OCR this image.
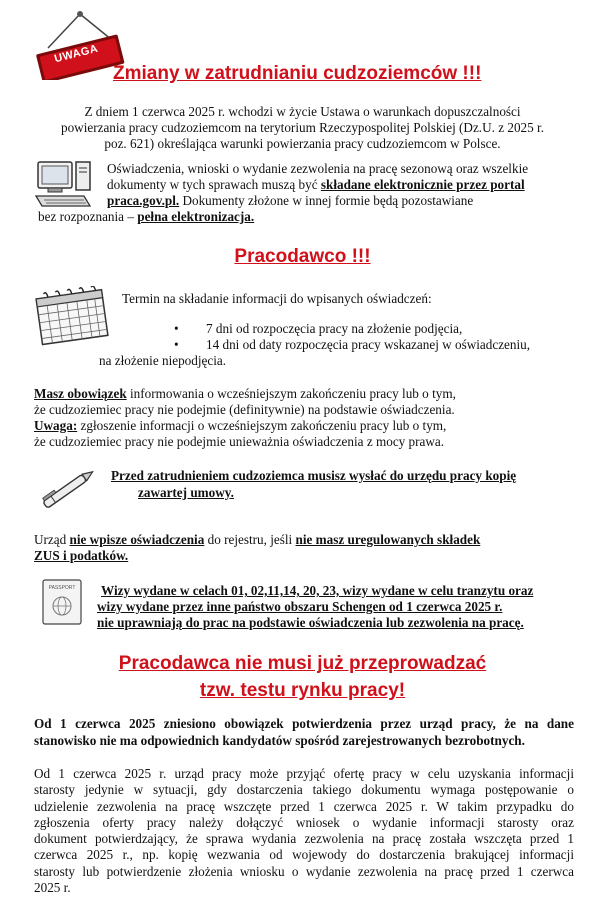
UWAGA
Zmiany w zatrudnianiu cudzoziemców !!!

Z dniem 1 czerwca 2025 r. wchodzi w życie Ustawa o warunkach dopuszczalności

powierzania pracy cudzoziemcom na terytorium Rzeczypospolitej Polskiej (Dz.U. z 2025 r.

poz. 621) określająca warunki powierzania pracy cudzoziemcom w Polsce.

Oświadczenia, wnioski o wydanie zezwolenia na pracę sezonową oraz wszelkie

dokumenty w tych sprawach muszą być składane elektronicznie przez portal

praca.gov.pl. Dokumenty złożone w innej formie będą pozostawiane

bez rozpoznania – pełna elektronizacja.

Pracodawco !!!
Termin na składanie informacji do wpisanych oświadczeń:
• 7 dni od rozpoczęcia pracy na złożenie podjęcia,
• 14 dni od daty rozpoczęcia pracy wskazanej w oświadczeniu,
na złożenie niepodjęcia.

Masz obowiązek informowania o wcześniejszym zakończeniu pracy lub o tym,

że cudzoziemiec pracy nie podejmie (definitywnie) na podstawie oświadczenia.

Uwaga: zgłoszenie informacji o wcześniejszym zakończeniu pracy lub o tym,

że cudzoziemiec pracy nie podejmie unieważnia oświadczenia z mocy prawa.

Przed zatrudnieniem cudzoziemca musisz wysłać do urzędu pracy kopię

zawartej umowy.

Urząd nie wpisze oświadczenia do rejestru, jeśli nie masz uregulowanych składek

ZUS i podatków.

PASSPORT	Wizy wydane w celach 01, 02,11,14, 20, 23, wizy wydane w celu tranzytu oraz

wizy wydane przez inne państwo obszaru Schengen od 1 czerwca 2025 r.

nie uprawniają do prac na podstawie oświadczenia lub zezwolenia na pracę.

Pracodawca nie musi już przeprowadzać

tzw. testu rynku pracy!

Od 1 czerwca 2025 zniesiono obowiązek potwierdzenia przez urząd pracy, że na dane

stanowisko nie ma odpowiednich kandydatów spośród zarejestrowanych bezrobotnych.

Od 1 czerwca 2025 r. urząd pracy może przyjąć ofertę pracy w celu uzyskania informacji

starosty jedynie w sytuacji, gdy dostarczenia takiego dokumentu wymaga postępowanie o

udzielenie zezwolenia na pracę wszczęte przed 1 czerwca 2025 r. W takim przypadku do

zgłoszenia oferty pracy należy dołączyć wniosek o wydanie informacji starosty oraz

dokument potwierdzający, że sprawa wydania zezwolenia na pracę została wszczęta przed 1

czerwca 2025 r., np. kopię wezwania od wojewody do dostarczenia brakującej informacji

starosty lub potwierdzenie złożenia wniosku o wydanie zezwolenia na pracę przed 1 czerwca

2025 r.
